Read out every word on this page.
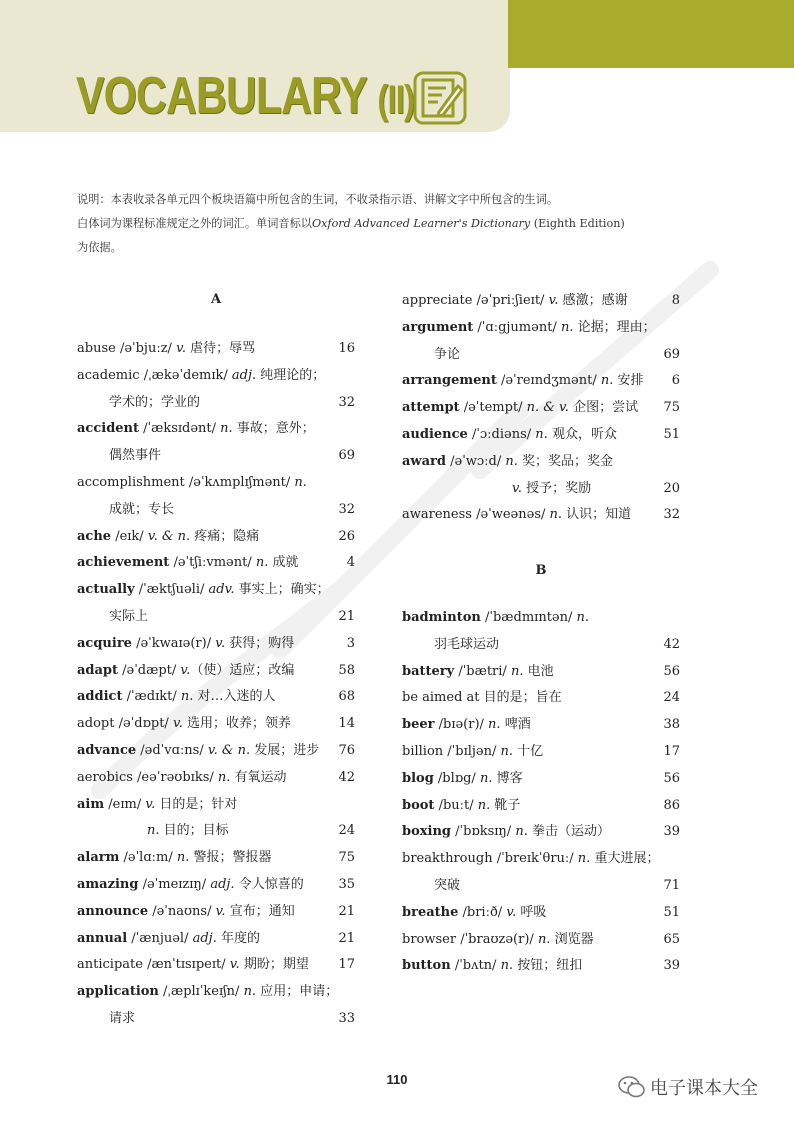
VOCABULARY (II)
说明：本表收录各单元四个板块语篇中所包含的生词，不收录指示语、讲解文字中所包含的生词。
白体词为课程标准规定之外的词汇。单词音标以Oxford Advanced Learner's Dictionary (Eighth Edition)
为依据。
A
abuse /əˈbjuːz/ v. 虐待；辱骂	16
academic /ˌækəˈdemɪk/ adj. 纯理论的；
学术的；学业的	32
accident /ˈæksɪdənt/ n. 事故；意外；
偶然事件	69
accomplishment /əˈkʌmplɪʃmənt/ n.
成就；专长	32
ache /eɪk/ v. & n. 疼痛；隐痛	26
achievement /əˈtʃiːvmənt/ n. 成就	4
actually /ˈæktʃuəli/ adv. 事实上；确实；
实际上	21
acquire /əˈkwaɪə(r)/ v. 获得；购得	3
adapt /əˈdæpt/ v.（使）适应；改编	58
addict /ˈædɪkt/ n. 对…入迷的人	68
adopt /əˈdɒpt/ v. 选用；收养；领养	14
advance /ədˈvɑːns/ v. & n. 发展；进步 76
aerobics /eəˈrəʊbɪks/ n. 有氧运动	42
aim /eɪm/ v. 日的是；针对
n. 目的；目标	24
alarm /əˈlɑːm/ n. 警报；警报器	75
amazing /əˈmeɪzɪŋ/ adj. 令人惊喜的	35
announce /əˈnaʊns/ v. 宣布；通知	21
annual /ˈænjuəl/ adj. 年度的	21
anticipate /ænˈtɪsɪpeɪt/ v. 期盼；期望 17
application /ˌæplɪˈkeɪʃn/ n. 应用；申请；
请求	33
appreciate /əˈpriːʃieɪt/ v. 感激；感谢	8
argument /ˈɑːgjumənt/ n. 论据；理由；
争论	69
arrangement /əˈreɪndʒmənt/ n. 安排 6
attempt /əˈtempt/ n. & v. 企图；尝试 75
audience /ˈɔːdiəns/ n. 观众，听众	51
award /əˈwɔːd/ n. 奖；奖品；奖金
v. 授予；奖励	20
awareness /əˈweənəs/ n. 认识；知道 32
B
badminton /ˈbædmɪntən/ n.
羽毛球运动	42
battery /ˈbætri/ n. 电池	56
be aimed at 目的是；旨在	24
beer /bɪə(r)/ n. 啤酒	38
billion /ˈbɪljən/ n. 十亿	17
blog /blɒg/ n. 博客	56
boot /buːt/ n. 靴子	86
boxing /ˈbɒksɪŋ/ n. 拳击（运动）	39
breakthrough /ˈbreɪkˈθruː/ n. 重大进展；
突破	71
breathe /briːð/ v. 呼吸	51
browser /ˈbraʊzə(r)/ n. 浏览器	65
button /ˈbʌtn/ n. 按钮；纽扣	39
110	电子课本大全
